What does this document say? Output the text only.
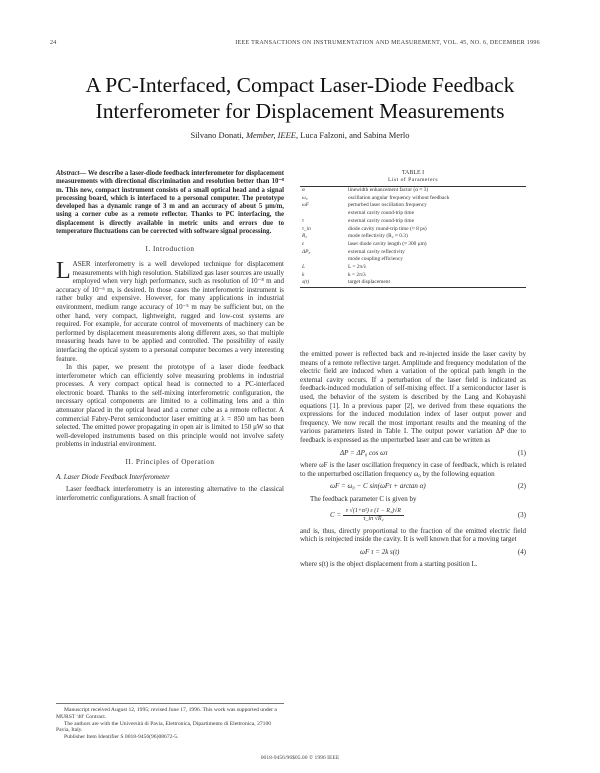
24	IEEE TRANSACTIONS ON INSTRUMENTATION AND MEASUREMENT, VOL. 45, NO. 6, DECEMBER 1996
A PC-Interfaced, Compact Laser-Diode Feedback Interferometer for Displacement Measurements
Silvano Donati, Member, IEEE, Luca Falzoni, and Sabina Merlo

Abstract— We describe a laser-diode feedback interferometer for displacement measurements with directional discrimination and resolution better than 10⁻⁸ m. This new, compact instrument consists of a small optical head and a signal processing board, which is interfaced to a personal computer. The prototype developed has a dynamic range of 3 m and an accuracy of about 5 μm/m, using a corner cube as a remote reflector. Thanks to PC interfacing, the displacement is directly available in metric units and errors due to temperature fluctuations can be corrected with software signal processing.

I. Introduction

LASER interferometry is a well developed technique for displacement measurements with high resolution. Stabilized gas laser sources are usually employed when very high performance, such as resolution of 10⁻⁸ m and accuracy of 10⁻⁶ m, is desired. In those cases the interferometric instrument is rather bulky and expensive. However, for many applications in industrial environment, medium range accuracy of 10⁻⁵ m may be sufficient but, on the other hand, very compact, lightweight, rugged and low-cost systems are required. For example, for accurate control of movements of machinery can be performed by displacement measurements along different axes, so that multiple measuring heads have to be applied and controlled. The possibility of easily interfacing the optical system to a personal computer becomes a very interesting feature.

In this paper, we present the prototype of a laser diode feedback interferometer which can efficiently solve measuring problems in industrial processes. A very compact optical head is connected to a PC-interfaced electronic board. Thanks to the self-mixing interferometric configuration, the necessary optical components are limited to a collimating lens and a thin attenuator placed in the optical head and a corner cube as a remote reflector. A commercial Fabry-Perot semiconductor laser emitting at λ = 850 nm has been selected. The emitted power propagating in open air is limited to 150 μW so that well-developed instruments based on this principle would not involve safety problems in industrial environment.

II. Principles of Operation
A. Laser Diode Feedback Interferometer

Laser feedback interferometry is an interesting alternative to the classical interferometric configurations. A small fraction of

Manuscript received August 12, 1995; revised June 17, 1996. This work was supported under a MURST '40' Contract.

The authors are with the Università di Pavia, Elettronica, Dipartimento di Elettronica, 27100 Pavia, Italy.

Publisher Item Identifier S 0018-9456(96)08672-5.

TABLE I
List of Parameters
α	linewidth enhancement factor (α ≈ 3)
ω₀	oscillation angular frequency without feedback
ωF	perturbed laser oscillation frequency
	external cavity round-trip time
τ	external cavity round-trip time
τ_in	diode cavity round-trip time (≈ 8 ps)
R₂	mode reflectivity (R₂ ≈ 0.3)
ε	laser diode cavity length (≈ 300 μm)
ΔP₀	external cavity reflectivity
	mode coupling efficiency
L	L = 2π/λ
k	k = 2π/λ
s(t)	target displacement

the emitted power is reflected back and re-injected inside the laser cavity by means of a remote reflective target. Amplitude and frequency modulation of the electric field are induced when a variation of the optical path length in the external cavity occurs. If a perturbation of the laser field is indicated as feedback-induced modulation of self-mixing effect. If a semiconductor laser is used, the behavior of the system is described by the Lang and Kobayashi equations [1]. In a previous paper [2], we derived from these equations the expressions for the induced modulation index of laser output power and frequency. We now recall the most important results and the meaning of the various parameters listed in Table I. The output power variation ΔP due to feedback is expressed as the unperturbed laser and can be written as

ΔP = ΔP₀ cos ωτ	(1)

where ωF is the laser oscillation frequency in case of feedback, which is related to the unperturbed oscillation frequency ω₀ by the following equation

ωF = ω₀ − C sin(ωFτ + arctan α)	(2)

The feedback parameter C is given by

$C = \frac{\text{τ √(1+α²) ε (1 − R₂)√R}}{\text{τ\_in √R₂}}$	(3)

and is, thus, directly proportional to the fraction of the emitted electric field which is reinjected inside the cavity. It is well known that for a moving target

ωF τ = 2k s(t)	(4)

where s(t) is the object displacement from a starting position L.

0018-9456/96$05.00 © 1996 IEEE
